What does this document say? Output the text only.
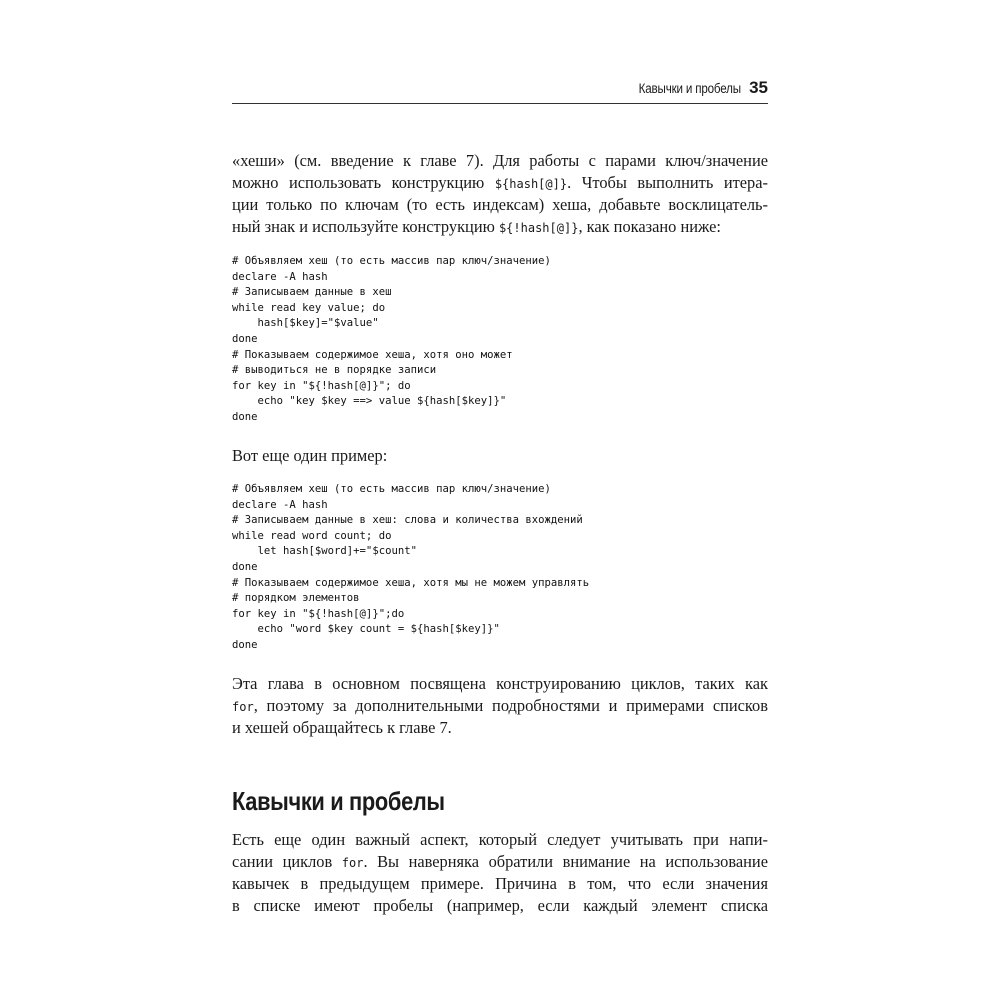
Кавычки и пробелы 35
«хеши» (см. введение к главе 7). Для работы с парами ключ/значение
можно использовать конструкцию ${hash[@]}. Чтобы выполнить итера-
ции только по ключам (то есть индексам) хеша, добавьте восклицатель-
ный знак и используйте конструкцию ${!hash[@]}, как показано ниже:
# Объявляем хеш (то есть массив пар ключ/значение)
declare -A hash
# Записываем данные в хеш
while read key value; do
hash[$key]="$value"
done
# Показываем содержимое хеша, хотя оно может
# выводиться не в порядке записи
for key in "${!hash[@]}"; do
echo "key $key ==> value ${hash[$key]}"
done
Вот еще один пример:
# Объявляем хеш (то есть массив пар ключ/значение)
declare -A hash
# Записываем данные в хеш: слова и количества вхождений
while read word count; do
let hash[$word]+="$count"
done
# Показываем содержимое хеша, хотя мы не можем управлять
# порядком элементов
for key in "${!hash[@]}";do
echo "word $key count = ${hash[$key]}"
done
Эта глава в основном посвящена конструированию циклов, таких как
for, поэтому за дополнительными подробностями и примерами списков
и хешей обращайтесь к главе 7.
Кавычки и пробелы
Есть еще один важный аспект, который следует учитывать при напи-
сании циклов for. Вы наверняка обратили внимание на использование
кавычек в предыдущем примере. Причина в том, что если значения
в списке имеют пробелы (например, если каждый элемент списка
